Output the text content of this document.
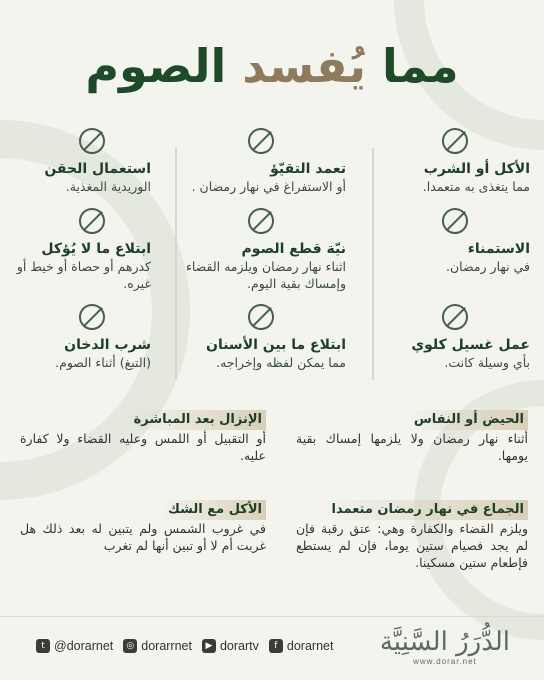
مما يُفسد الصوم
الأكل أو الشرب
مما يتغذى به متعمدا.
تعمد التقيّؤ
أو الاستفراغ في نهار رمضان .
استعمال الحقن
الوريدية المغذية.
الاستمناء
في نهار رمضان.
نيّة قطع الصوم
اثناء نهار رمضان ويلزمه القضاء وإمساك بقية اليوم.
ابتلاع ما لا يُؤكل
كدرهم أو حصاة أو خيط أو غيره.
عمل غسيل كلوي
بأي وسيلة كانت.
ابتلاع ما بين الأسنان
مما يمكن لفظه وإخراجه.
شرب الدخان
(التبغ) أثناء الصوم.
الحيض أو النفاس
أثناء نهار رمضان ولا يلزمها إمساك بقية يومها.
الإنزال بعد المباشرة
أو التقبيل أو اللمس وعليه القضاء ولا كفارة عليه.
الجماع في نهار رمضان متعمدا
ويلزم القضاء والكفارة وهي: عتق رقبة فإن لم يجد فصيام ستين يوما، فإن لم يستطع فإطعام ستين مسكينا.
الأكل مع الشك
في غروب الشمس ولم يتبين له بعد ذلك هل غربت أم لا أو تبين أنها لم تغرب
t @dorarnet	◎ dorarrnet	▶ dorartv	f dorarnet الدُّرَرُ السَّنِيَّة
www.dorar.net
